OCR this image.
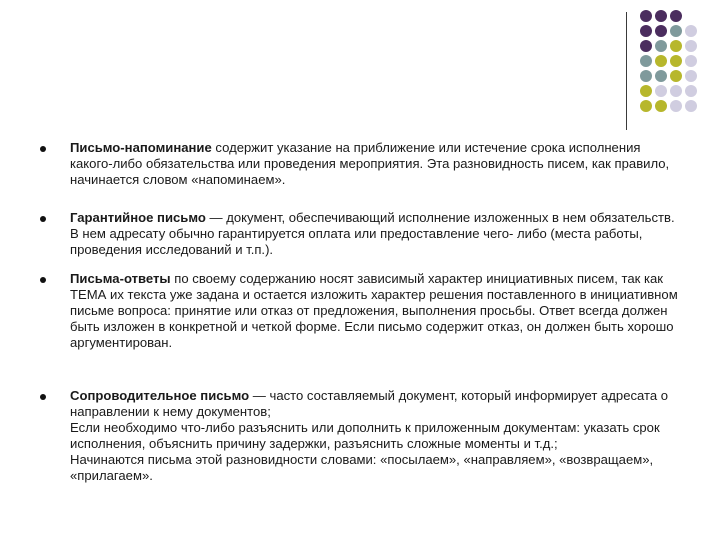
Письмо-напоминание содержит указание на приближение или истечение срока исполнения какого-либо обязательства или проведения мероприятия. Эта разновидность писем, как правило, начинается словом «напоминаем».

Гарантийное письмо — документ, обеспечивающий исполнение изложенных в нем обязательств. В нем адресату обычно гарантируется оплата или предоставление чего- либо (места работы, проведения исследований и т.п.).

Письма-ответы по своему содержанию носят зависимый характер инициативных писем, так как ТЕМА их текста уже задана и остается изложить характер решения поставленного в инициативном письме вопроса: принятие или отказ от предложения, выполнения просьбы. Ответ всегда должен быть изложен в конкретной и четкой форме. Если письмо содержит отказ, он должен быть хорошо аргументирован.

Сопроводительное письмо — часто составляемый документ, который информирует адресата о направлении к нему документов;

Если необходимо что-либо разъяснить или дополнить к приложенным документам: указать срок исполнения, объяснить причину задержки, разъяснить сложные моменты и т.д.;

Начинаются письма этой разновидности словами: «посылаем», «направляем», «возвращаем», «прилагаем».
